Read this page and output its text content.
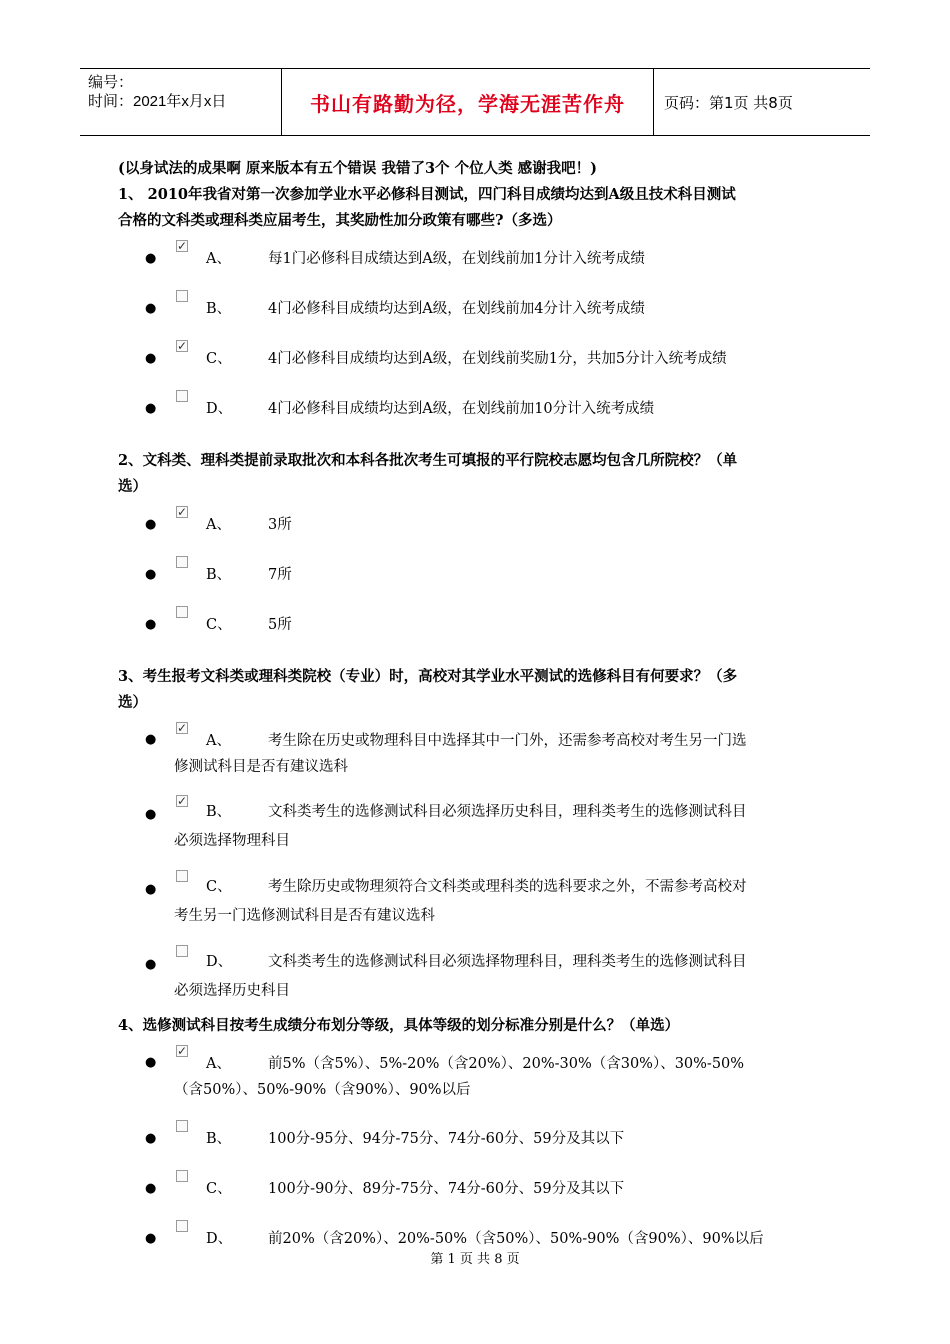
编号：
时间：2021年x月x日	书山有路勤为径，学海无涯苦作舟	页码：第1页 共8页
(以身试法的成果啊 原来版本有五个错误 我错了3个 个位人类 感谢我吧！)
1、 2010年我省对第一次参加学业水平必修科目测试，四门科目成绩均达到A级且技术科目测试
合格的文科类或理科类应届考生，其奖励性加分政策有哪些?（多选）
●
✓
A、	每1门必修科目成绩达到A级，在划线前加1分计入统考成绩
●	B、	4门必修科目成绩均达到A级，在划线前加4分计入统考成绩
●
✓
C、	4门必修科目成绩均达到A级，在划线前奖励1分，共加5分计入统考成绩
●	D、 4门必修科目成绩均达到A级，在划线前加10分计入统考成绩
2、文科类、理科类提前录取批次和本科各批次考生可填报的平行院校志愿均包含几所院校？（单
选）
●
✓
A、	3所
●	B、	7所
●	C、	5所
3、考生报考文科类或理科类院校（专业）时，高校对其学业水平测试的选修科目有何要求？（多
选）
●
✓
A、	考生除在历史或物理科目中选择其中一门外，还需参考高校对考生另一门选
修测试科目是否有建议选科
●
✓
B、	文科类考生的选修测试科目必须选择历史科目，理科类考生的选修测试科目
必须选择物理科目
●	C、	考生除历史或物理须符合文科类或理科类的选科要求之外，不需参考高校对
考生另一门选修测试科目是否有建议选科
●	D、 文科类考生的选修测试科目必须选择物理科目，理科类考生的选修测试科目
必须选择历史科目
4、选修测试科目按考生成绩分布划分等级，具体等级的划分标准分别是什么？（单选）
●
✓
A、	前5%（含5%）、5%-20%（含20%）、20%-30%（含30%）、30%-50%
（含50%）、50%-90%（含90%）、90%以后
●	B、	100分-95分、94分-75分、74分-60分、59分及其以下
●	C、	100分-90分、89分-75分、74分-60分、59分及其以下
●	D、 前20%（含20%）、20%-50%（含50%）、50%-90%（含90%）、90%以后
第 1 页 共 8 页
